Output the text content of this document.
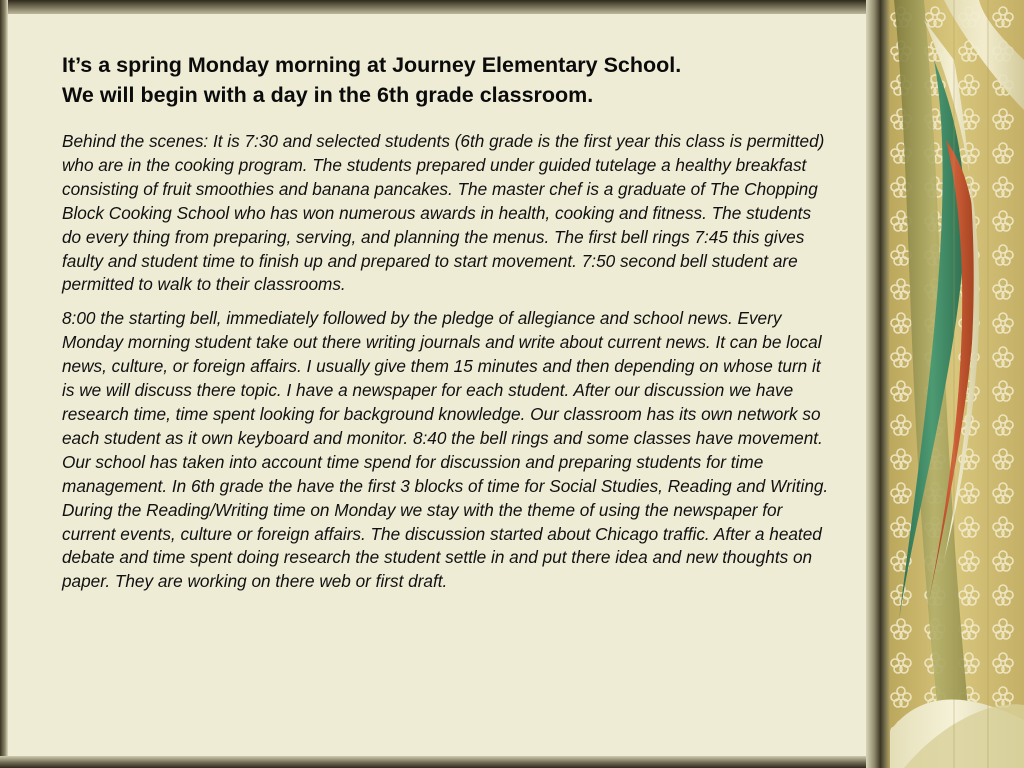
It’s a spring Monday morning at Journey Elementary School.
We will begin with a day in the 6th grade classroom.

Behind the scenes: It is 7:30 and selected students (6th grade is the first year this class is permitted) who are in the cooking program. The students prepared under guided tutelage a healthy breakfast consisting of fruit smoothies and banana pancakes. The master chef is a graduate of The Chopping Block Cooking School who has won numerous awards in health, cooking and fitness. The students do every thing from preparing, serving, and planning the menus. The first bell rings 7:45 this gives faulty and student time to finish up and prepared to start movement. 7:50 second bell student are permitted to walk to their classrooms.

8:00 the starting bell, immediately followed by the pledge of allegiance and school news. Every Monday morning student take out there writing journals and write about current news. It can be local news, culture, or foreign affairs. I usually give them 15 minutes and then depending on whose turn it is we will discuss there topic. I have a newspaper for each student. After our discussion we have research time, time spent looking for background knowledge. Our classroom has its own network so each student as it own keyboard and monitor. 8:40 the bell rings and some classes have movement. Our school has taken into account time spend for discussion and preparing students for time management. In 6th grade the have the first 3 blocks of time for Social Studies, Reading and Writing. During the Reading/Writing time on Monday we stay with the theme of using the newspaper for current events, culture or foreign affairs. The discussion started about Chicago traffic. After a heated debate and time spent doing research the student settle in and put there idea and new thoughts on paper. They are working on there web or first draft.
